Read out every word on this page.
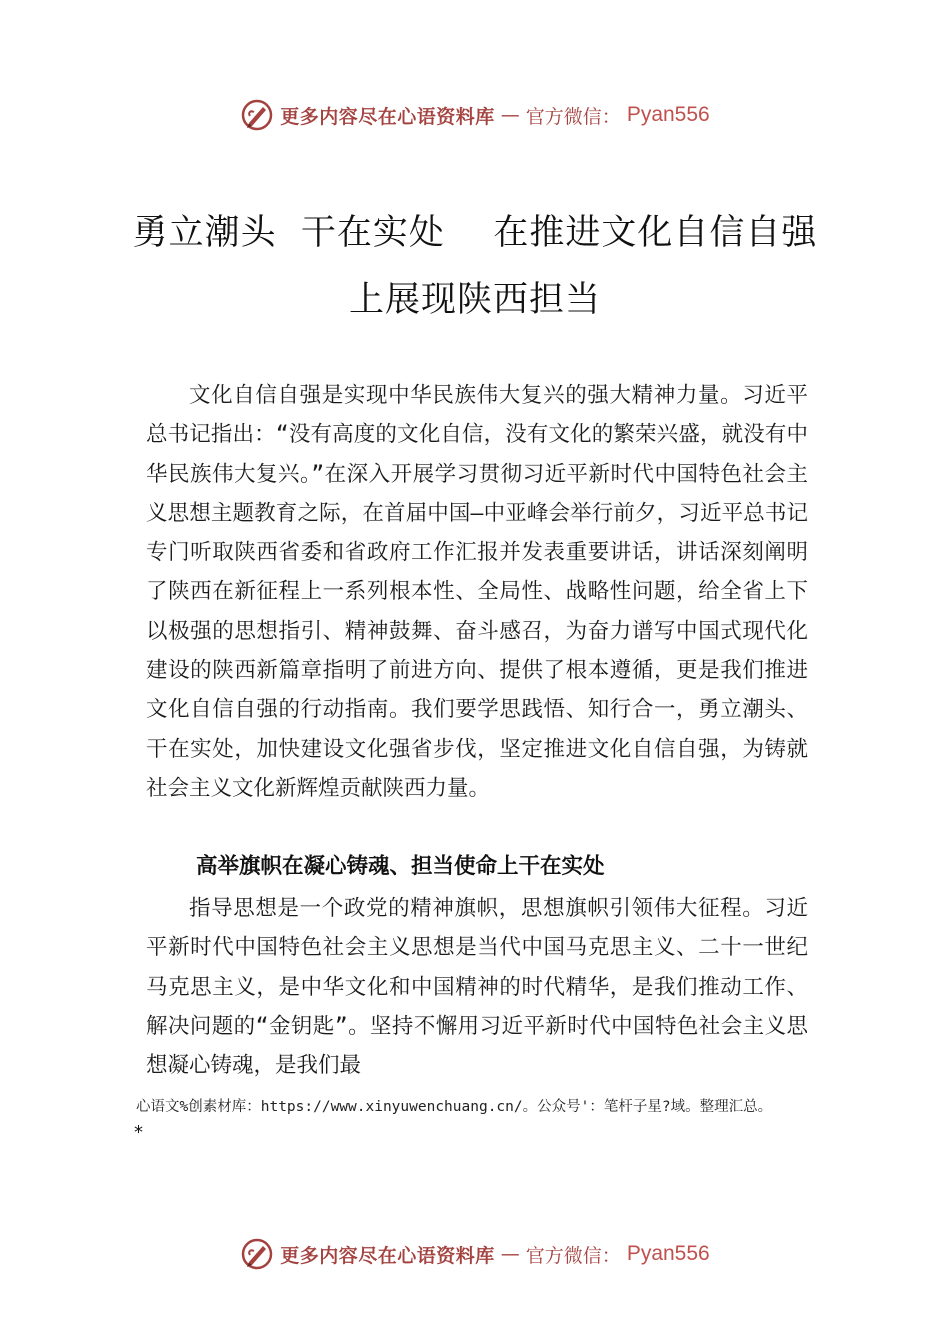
更多内容尽在心语资料库 — 官方微信： Pyan556
勇立潮头  干在实处    在推进文化自信自强
上展现陕西担当
文化自信自强是实现中华民族伟大复兴的强大精神力量。习近平总书记指出：“没有高度的文化自信，没有文化的繁荣兴盛，就没有中华民族伟大复兴。”在深入开展学习贯彻习近平新时代中国特色社会主义思想主题教育之际，在首届中国—中亚峰会举行前夕，习近平总书记专门听取陕西省委和省政府工作汇报并发表重要讲话，讲话深刻阐明了陕西在新征程上一系列根本性、全局性、战略性问题，给全省上下以极强的思想指引、精神鼓舞、奋斗感召，为奋力谱写中国式现代化建设的陕西新篇章指明了前进方向、提供了根本遵循，更是我们推进文化自信自强的行动指南。我们要学思践悟、知行合一，勇立潮头、干在实处，加快建设文化强省步伐，坚定推进文化自信自强，为铸就社会主义文化新辉煌贡献陕西力量。
高举旗帜在凝心铸魂、担当使命上干在实处
指导思想是一个政党的精神旗帜，思想旗帜引领伟大征程。习近平新时代中国特色社会主义思想是当代中国马克思主义、二十一世纪马克思主义，是中华文化和中国精神的时代精华，是我们推动工作、解决问题的“金钥匙”。坚持不懈用习近平新时代中国特色社会主义思想凝心铸魂，是我们最
心语文%创素材库：https://www.xinyuwenchuang.cn/。公众号'：笔杆子星?域。整理汇总。
*
更多内容尽在心语资料库 — 官方微信： Pyan556
